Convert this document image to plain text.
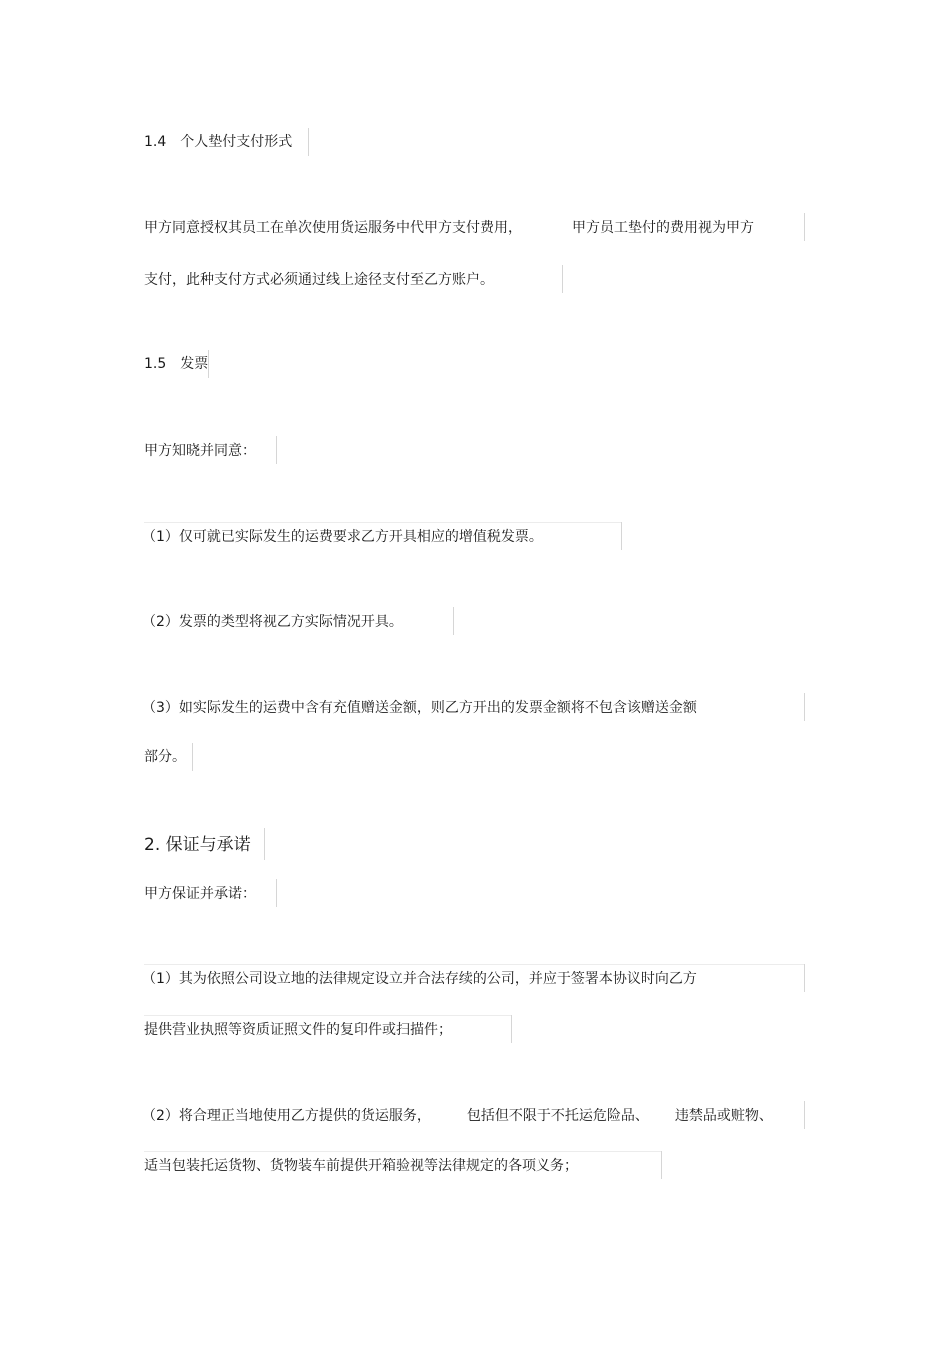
1.4　个人垫付支付形式
甲方同意授权其员工在单次使用货运服务中代甲方支付费用，	甲方员工垫付的费用视为甲方
支付，此种支付方式必须通过线上途径支付至乙方账户。
1.5　发票
甲方知晓并同意：
（1）仅可就已实际发生的运费要求乙方开具相应的增值税发票。
（2）发票的类型将视乙方实际情况开具。
（3）如实际发生的运费中含有充值赠送金额，则乙方开出的发票金额将不包含该赠送金额
部分。
2. 保证与承诺
甲方保证并承诺：
（1）其为依照公司设立地的法律规定设立并合法存续的公司，并应于签署本协议时向乙方
提供营业执照等资质证照文件的复印件或扫描件；
（2）将合理正当地使用乙方提供的货运服务，	包括但不限于不托运危险品、 违禁品或赃物、
适当包装托运货物、货物装车前提供开箱验视等法律规定的各项义务；
